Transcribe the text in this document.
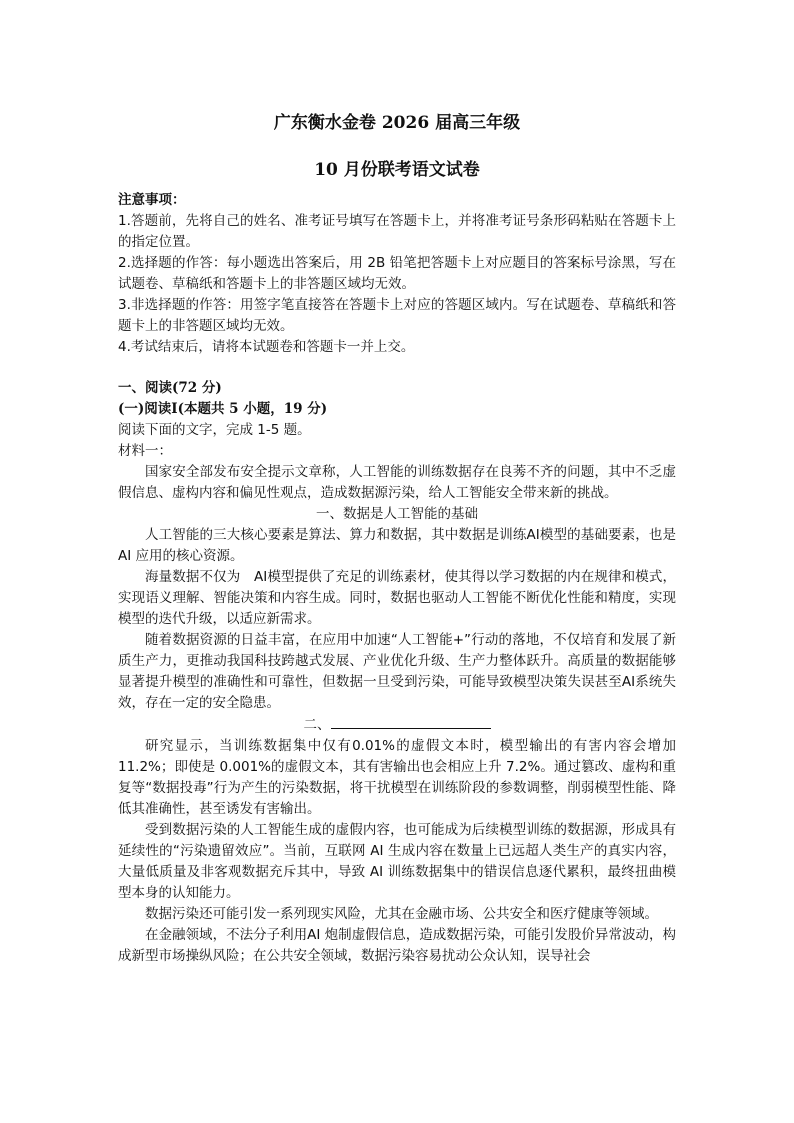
广东衡水金卷 2026 届高三年级
10 月份联考语文试卷

注意事项：

1.答题前，先将自己的姓名、准考证号填写在答题卡上，并将准考证号条形码粘贴在答题卡上的指定位置。

2.选择题的作答：每小题选出答案后，用 2B 铅笔把答题卡上对应题目的答案标号涂黑，写在试题卷、草稿纸和答题卡上的非答题区域均无效。

3.非选择题的作答：用签字笔直接答在答题卡上对应的答题区域内。写在试题卷、草稿纸和答题卡上的非答题区域均无效。

4.考试结束后，请将本试题卷和答题卡一并上交。

一、阅读(72 分)

(一)阅读Ⅰ(本题共 5 小题，19 分)

阅读下面的文字，完成 1-5 题。

材料一：

国家安全部发布安全提示文章称，人工智能的训练数据存在良莠不齐的问题，其中不乏虚假信息、虚构内容和偏见性观点，造成数据源污染，给人工智能安全带来新的挑战。

一、数据是人工智能的基础

人工智能的三大核心要素是算法、算力和数据，其中数据是训练AI模型的基础要素，也是 AI 应用的核心资源。

海量数据不仅为　AI模型提供了充足的训练素材，使其得以学习数据的内在规律和模式，实现语义理解、智能决策和内容生成。同时，数据也驱动人工智能不断优化性能和精度，实现模型的迭代升级，以适应新需求。

随着数据资源的日益丰富，在应用中加速“人工智能+”行动的落地，不仅培育和发展了新质生产力，更推动我国科技跨越式发展、产业优化升级、生产力整体跃升。高质量的数据能够显著提升模型的准确性和可靠性，但数据一旦受到污染，可能导致模型决策失误甚至AI系统失效，存在一定的安全隐患。

二、

研究显示，当训练数据集中仅有0.01%的虚假文本时，模型输出的有害内容会增加11.2%；即使是 0.001%的虚假文本，其有害输出也会相应上升 7.2%。通过篡改、虚构和重复等“数据投毒”行为产生的污染数据，将干扰模型在训练阶段的参数调整，削弱模型性能、降低其准确性，甚至诱发有害输出。

受到数据污染的人工智能生成的虚假内容，也可能成为后续模型训练的数据源，形成具有延续性的“污染遗留效应”。当前，互联网 AI 生成内容在数量上已远超人类生产的真实内容，大量低质量及非客观数据充斥其中，导致 AI 训练数据集中的错误信息逐代累积，最终扭曲模型本身的认知能力。

数据污染还可能引发一系列现实风险，尤其在金融市场、公共安全和医疗健康等领域。

在金融领域，不法分子利用AI 炮制虚假信息，造成数据污染，可能引发股价异常波动，构成新型市场操纵风险；在公共安全领域，数据污染容易扰动公众认知，误导社会
